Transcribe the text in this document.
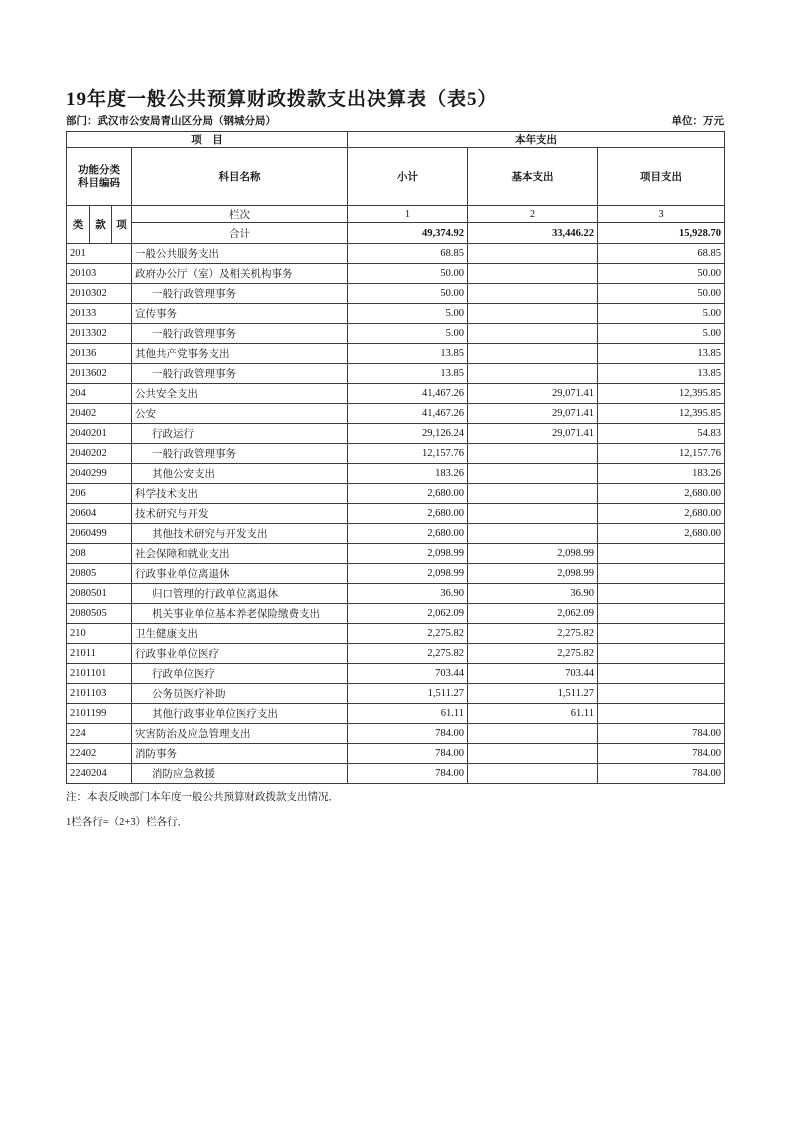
19年度一般公共预算财政拨款支出决算表（表5）
部门：武汉市公安局青山区分局（钢城分局）	单位：万元
项　目				本年支出		

功能分类
科目编码			科目名称	小计	基本支出	项目支出
类	款	项	栏次	1	2	3
			合计	49,374.92	33,446.22	15,928.70
201			一般公共服务支出	68.85		68.85
20103			政府办公厅（室）及相关机构事务	50.00		50.00
2010302			一般行政管理事务	50.00		50.00
20133			宣传事务	5.00		5.00
2013302			一般行政管理事务	5.00		5.00
20136			其他共产党事务支出	13.85		13.85
2013602			一般行政管理事务	13.85		13.85
204			公共安全支出	41,467.26	29,071.41	12,395.85
20402			公安	41,467.26	29,071.41	12,395.85
2040201			行政运行	29,126.24	29,071.41	54.83
2040202			一般行政管理事务	12,157.76		12,157.76
2040299			其他公安支出	183.26		183.26
206			科学技术支出	2,680.00		2,680.00
20604			技术研究与开发	2,680.00		2,680.00
2060499			其他技术研究与开发支出	2,680.00		2,680.00
208			社会保障和就业支出	2,098.99	2,098.99	
20805			行政事业单位离退休	2,098.99	2,098.99	
2080501			归口管理的行政单位离退休	36.90	36.90	
2080505			机关事业单位基本养老保险缴费支出	2,062.09	2,062.09	
210			卫生健康支出	2,275.82	2,275.82	
21011			行政事业单位医疗	2,275.82	2,275.82	
2101101			行政单位医疗	703.44	703.44	
2101103			公务员医疗补助	1,511.27	1,511.27	
2101199			其他行政事业单位医疗支出	61.11	61.11	
224			灾害防治及应急管理支出	784.00		784.00
22402			消防事务	784.00		784.00
2240204			消防应急救援	784.00		784.00
注：本表反映部门本年度一般公共预算财政拨款支出情况．
1栏各行=（2+3）栏各行．
